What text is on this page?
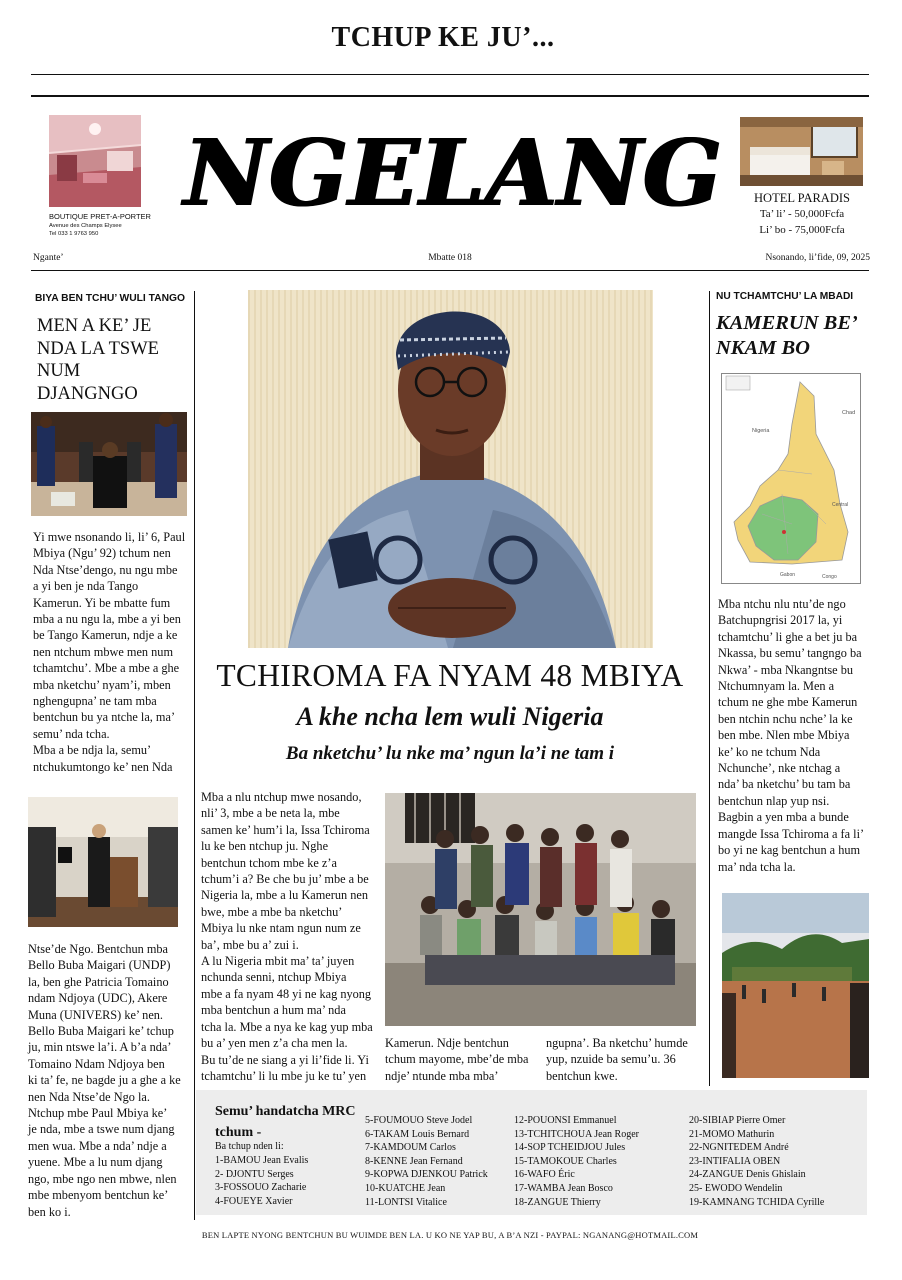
TCHUP KE JU’...
BOUTIQUE PRET-A-PORTER
Avenue des Champs Elysee
Tel 033 1 9763 950
NGELANG	HOTEL PARADIS
Ta’ li’ - 50,000Fcfa
Li’ bo - 75,000Fcfa
Ngante’	Mbatte 018	Nsonando, li’fide, 09, 2025
BIYA BEN TCHU’ WULI TANGO
MEN A KE’ JE
NDA LA TSWE
NUM
DJANGNGO

Yi mwe nsonando li, li’ 6, Paul
Mbiya (Ngu’ 92) tchum nen
Nda Ntse’dengo, nu ngu mbe
a yi ben je nda Tango
Kamerun. Yi be mbatte fum
mba a nu ngu la, mbe a yi ben
be Tango Kamerun, ndje a ke
nen ntchum mbwe men num
tchamtchu’. Mbe a mbe a ghe
mba nketchu’ nyam’i, mben
nghengupna’ ne tam mba
bentchun bu ya ntche la, ma’
semu’ nda tcha.
Mba a be ndja la, semu’
ntchukumtongo ke’ nen Nda

Ntse’de Ngo. Bentchun mba
Bello Buba Maigari (UNDP)
la, ben ghe Patricia Tomaino
ndam Ndjoya (UDC), Akere
Muna (UNIVERS) ke’ nen.
Bello Buba Maigari ke’ tchup
ju, min ntswe la’i. A b’a nda’
Tomaino Ndam Ndjoya ben
ki ta’ fe, ne bagde ju a ghe a ke
nen Nda Ntse’de Ngo la.
Ntchup mbe Paul Mbiya ke’
je nda, mbe a tswe num djang
men wua. Mbe a nda’ ndje a
yuene. Mbe a lu num djang
ngo, mbe ngo nen mbwe, nlen
mbe mbenyom bentchun ke’
ben ko i.

TCHIROMA FA NYAM 48 MBIYA
A khe ncha lem wuli Nigeria
Ba nketchu’ lu nke ma’ ngun la’i ne tam i

Mba a nlu ntchup mwe nosando,
nli’ 3, mbe a be neta la, mbe
samen ke’ hum’i la, Issa Tchiroma
lu ke ben ntchup ju. Nghe
bentchun tchom mbe ke z’a
tchum’i a? Be che bu ju’ mbe a be
Nigeria la, mbe a lu Kamerun nen
bwe, mbe a mbe ba nketchu’
Mbiya lu nke ntam ngun num ze
ba’, mbe bu a’ zui i.
A lu Nigeria mbit ma’ ta’ juyen
nchunda senni, ntchup Mbiya
mbe a fa nyam 48 yi ne kag nyong
mba bentchun a hum ma’ nda
tcha la. Mbe a nya ke kag yup mba
bu a’ yen men z’a cha men la.
Bu tu’de ne siang a yi li’fide li. Yi
tchamtchu’ li lu mbe ju ke tu’ yen

Kamerun. Ndje bentchun
tchum mayome, mbe’de mba
ndje’ ntunde mba mba’

ngupna’. Ba nketchu’ humde
yup, nzuide ba semu’u. 36
bentchun kwe.

NU TCHAMTCHU’ LA MBADI
KAMERUN BE’
NKAM BO
Nigeria
Chad
Central
Gabon	Congo

Mba ntchu nlu ntu’de ngo
Batchupngrisi 2017 la, yi
tchamtchu’ li ghe a bet ju ba
Nkassa, bu semu’ tangngo ba
Nkwa’ - mba Nkangntse bu
Ntchumnyam la. Men a
tchum ne ghe mbe Kamerun
ben ntchin nchu nche’ la ke
ben mbe. Nlen mbe Mbiya
ke’ ko ne tchum Nda
Nchunche’, nke ntchag a
nda’ ba nketchu’ bu tam ba
bentchun nlap yup nsi.
Bagbin a yen mba a bunde
mangde Issa Tchiroma a fa li’
bo yi ne kag bentchun a hum
ma’ nda tcha la.

Semu’ handatcha MRC
tchum -
Ba tchup nden li:
1-BAMOU Jean Evalis
2- DJONTU Serges
3-FOSSOUO Zacharie
4-FOUEYE Xavier
5-FOUMOUO Steve Jodel
6-TAKAM Louis Bernard
7-KAMDOUM Carlos
8-KENNE Jean Fernand
9-KOPWA DJENKOU Patrick
10-KUATCHE Jean
11-LONTSI Vitalice
12-POUONSI Emmanuel
13-TCHITCHOUA Jean Roger
14-SOP TCHEIDJOU Jules
15-TAMOKOUE Charles
16-WAFO Éric
17-WAMBA Jean Bosco
18-ZANGUE Thierry
20-SIBIAP Pierre Omer
21-MOMO Mathurin
22-NGNITEDEM André
23-INTIFALIA OBEN
24-ZANGUE Denis Ghislain
25- EWODO Wendelin
19-KAMNANG TCHIDA Cyrille
BEN LAPTE NYONG BENTCHUN BU WUIMDE BEN LA. U KO NE YAP BU, A B’A NZI - PAYPAL: NGANANG@HOTMAIL.COM
